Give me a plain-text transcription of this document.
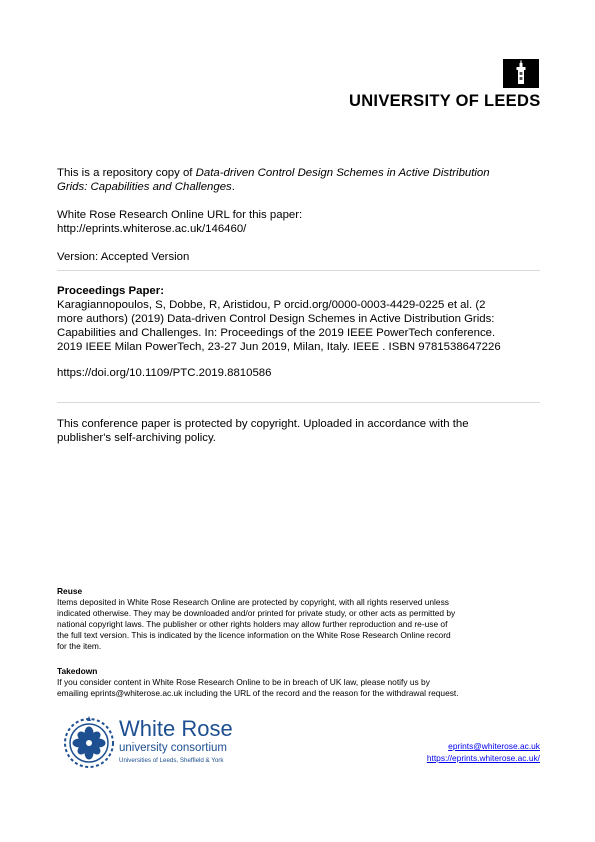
UNIVERSITY OF LEEDS
This is a repository copy of Data-driven Control Design Schemes in Active Distribution
Grids: Capabilities and Challenges.
White Rose Research Online URL for this paper:
http://eprints.whiterose.ac.uk/146460/
Version: Accepted Version
Proceedings Paper:
Karagiannopoulos, S, Dobbe, R, Aristidou, P orcid.org/0000-0003-4429-0225 et al. (2
more authors) (2019) Data-driven Control Design Schemes in Active Distribution Grids:
Capabilities and Challenges. In: Proceedings of the 2019 IEEE PowerTech conference.
2019 IEEE Milan PowerTech, 23-27 Jun 2019, Milan, Italy. IEEE . ISBN 9781538647226
https://doi.org/10.1109/PTC.2019.8810586
This conference paper is protected by copyright. Uploaded in accordance with the
publisher's self-archiving policy.
Reuse
Items deposited in White Rose Research Online are protected by copyright, with all rights reserved unless
indicated otherwise. They may be downloaded and/or printed for private study, or other acts as permitted by
national copyright laws. The publisher or other rights holders may allow further reproduction and re-use of
the full text version. This is indicated by the licence information on the White Rose Research Online record
for the item.
Takedown
If you consider content in White Rose Research Online to be in breach of UK law, please notify us by
emailing eprints@whiterose.ac.uk including the URL of the record and the reason for the withdrawal request.
White Rose
university consortium
Universities of Leeds, Sheffield & York
eprints@whiterose.ac.uk
https://eprints.whiterose.ac.uk/
